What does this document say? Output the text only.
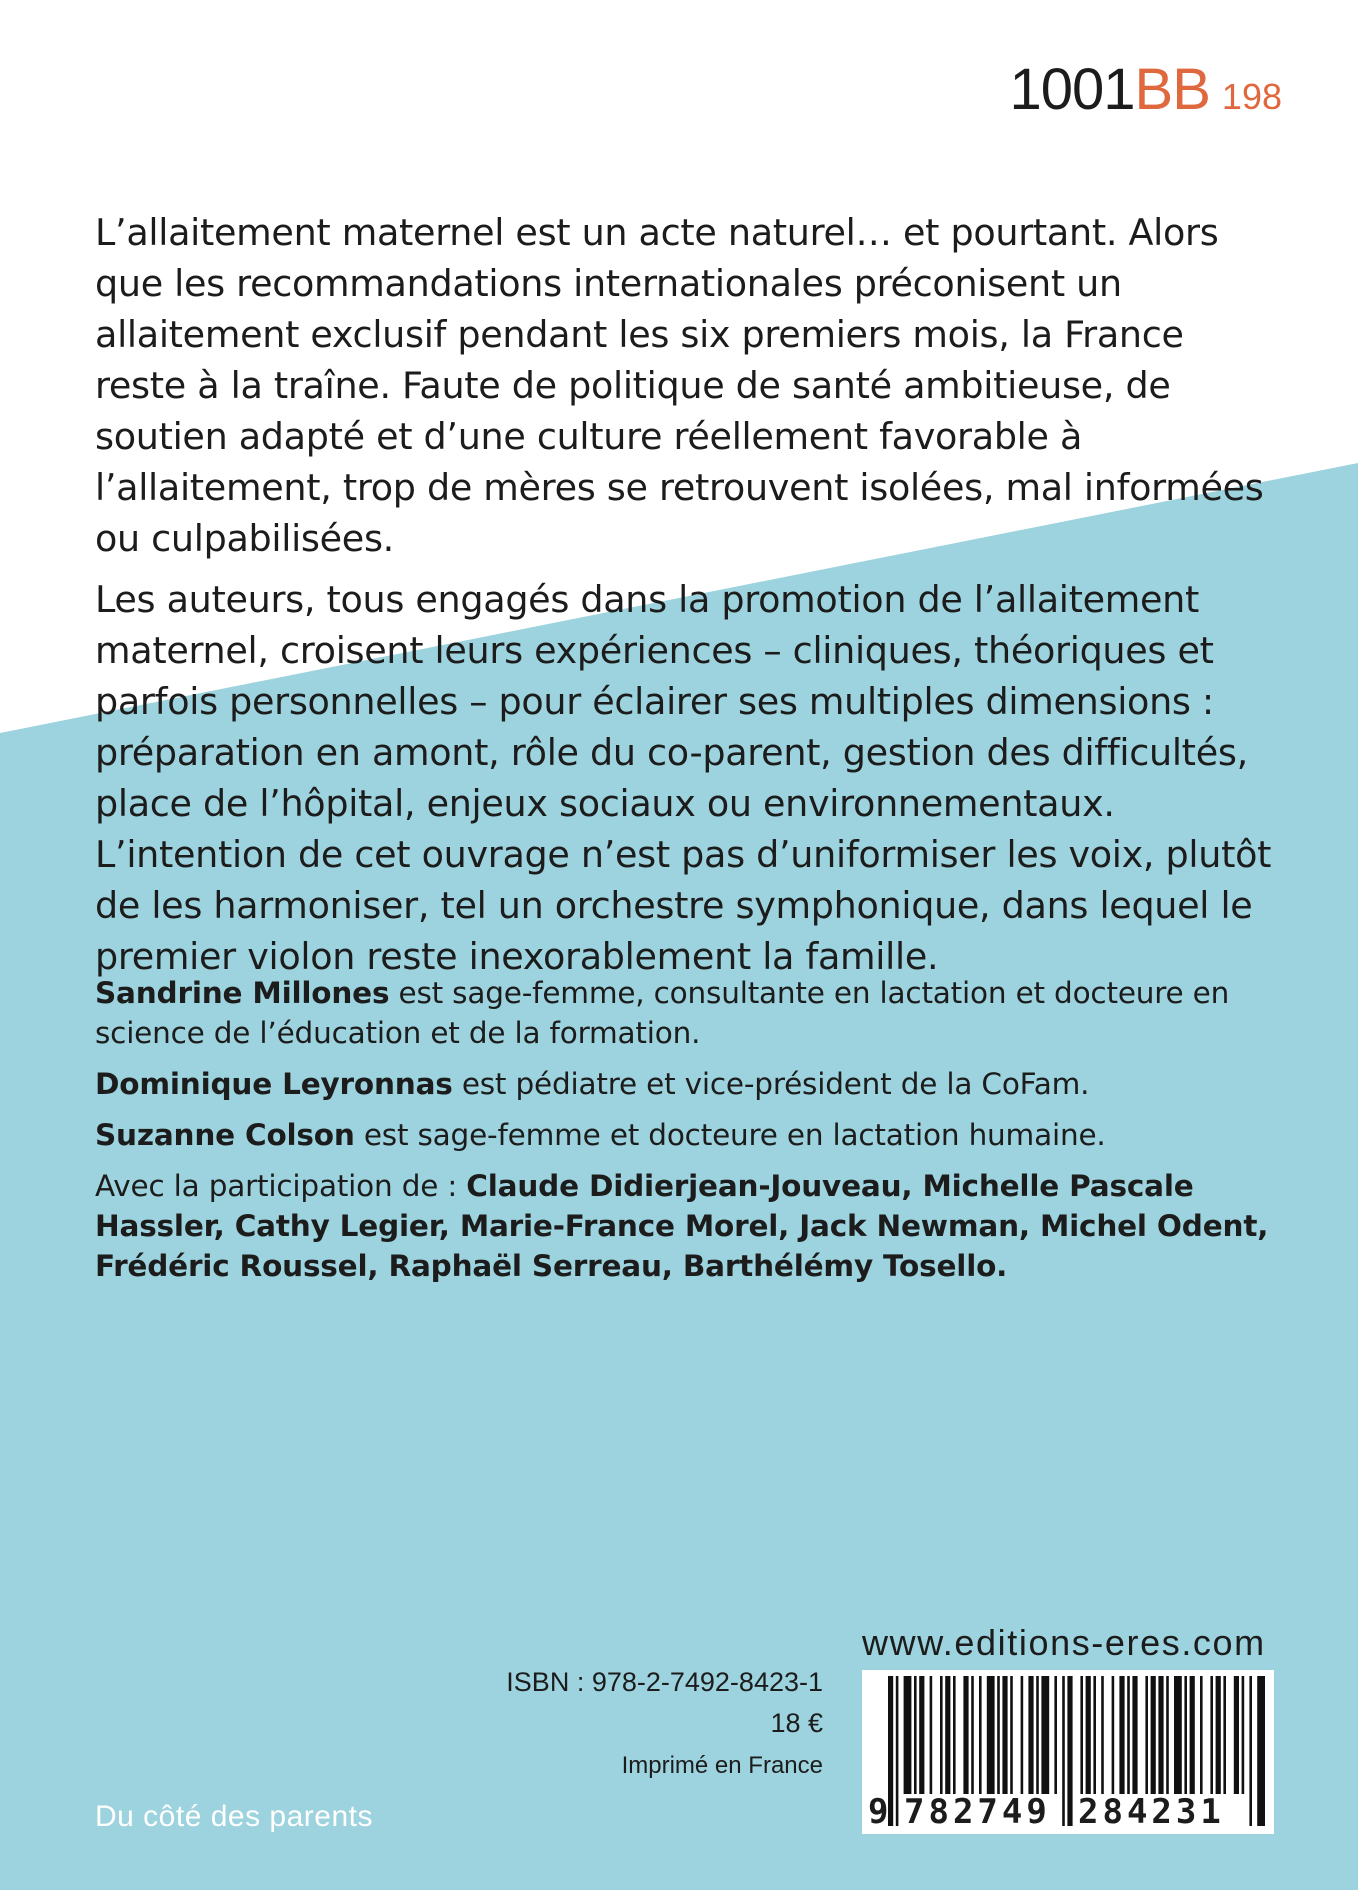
1001 BB 198

L’allaitement maternel est un acte naturel… et pourtant. Alors que les recommandations internationales préconisent un allaitement exclusif pendant les six premiers mois, la France reste à la traîne. Faute de politique de santé ambitieuse, de soutien adapté et d’une culture réellement favorable à l’allaitement, trop de mères se retrouvent isolées, mal informées ou culpabilisées.

Les auteurs, tous engagés dans la promotion de l’allaitement maternel, croisent leurs expériences – cliniques, théoriques et parfois personnelles – pour éclairer ses multiples dimensions : préparation en amont, rôle du co-parent, gestion des difficultés, place de l’hôpital, enjeux sociaux ou environnementaux. L’intention de cet ouvrage n’est pas d’uniformiser les voix, plutôt de les harmoniser, tel un orchestre symphonique, dans lequel le premier violon reste inexorablement la famille.

Sandrine Millones est sage-femme, consultante en lactation et docteure en science de l’éducation et de la formation.

Dominique Leyronnas est pédiatre et vice-président de la CoFam.

Suzanne Colson est sage-femme et docteure en lactation humaine.

Avec la participation de : Claude Didierjean-Jouveau, Michelle Pascale Hassler, Cathy Legier, Marie-France Morel, Jack Newman, Michel Odent, Frédéric Roussel, Raphaël Serreau, Barthélémy Tosello.

ISBN : 978-2-7492-8423-1
18 €
Imprimé en France
www.editions-eres.com
9 782749 284231
Du côté des parents
